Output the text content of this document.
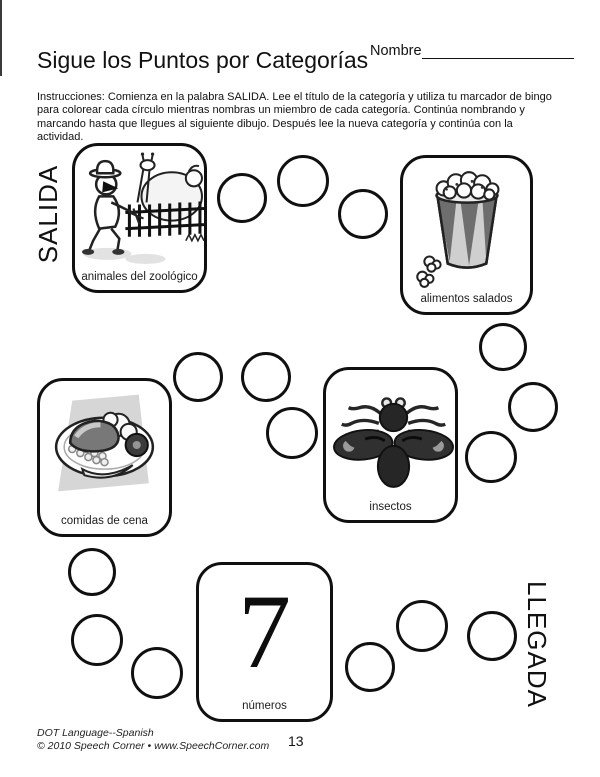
Sigue los Puntos por Categorías Nombre

Instrucciones: Comienza en la palabra SALIDA. Lee el título de la categoría y utiliza tu marcador de bingo para colorear cada círculo mientras nombras un miembro de cada categoría. Continúa nombrando y marcando hasta que llegues al siguiente dibujo. Después lee la nueva categoría y continúa con la actividad.

SALIDA
LLEGADA
animales del zoológico
alimentos salados
insectos
comidas de cena
7
números
DOT Language--Spanish
© 2010 Speech Corner • www.SpeechCorner.com 13
